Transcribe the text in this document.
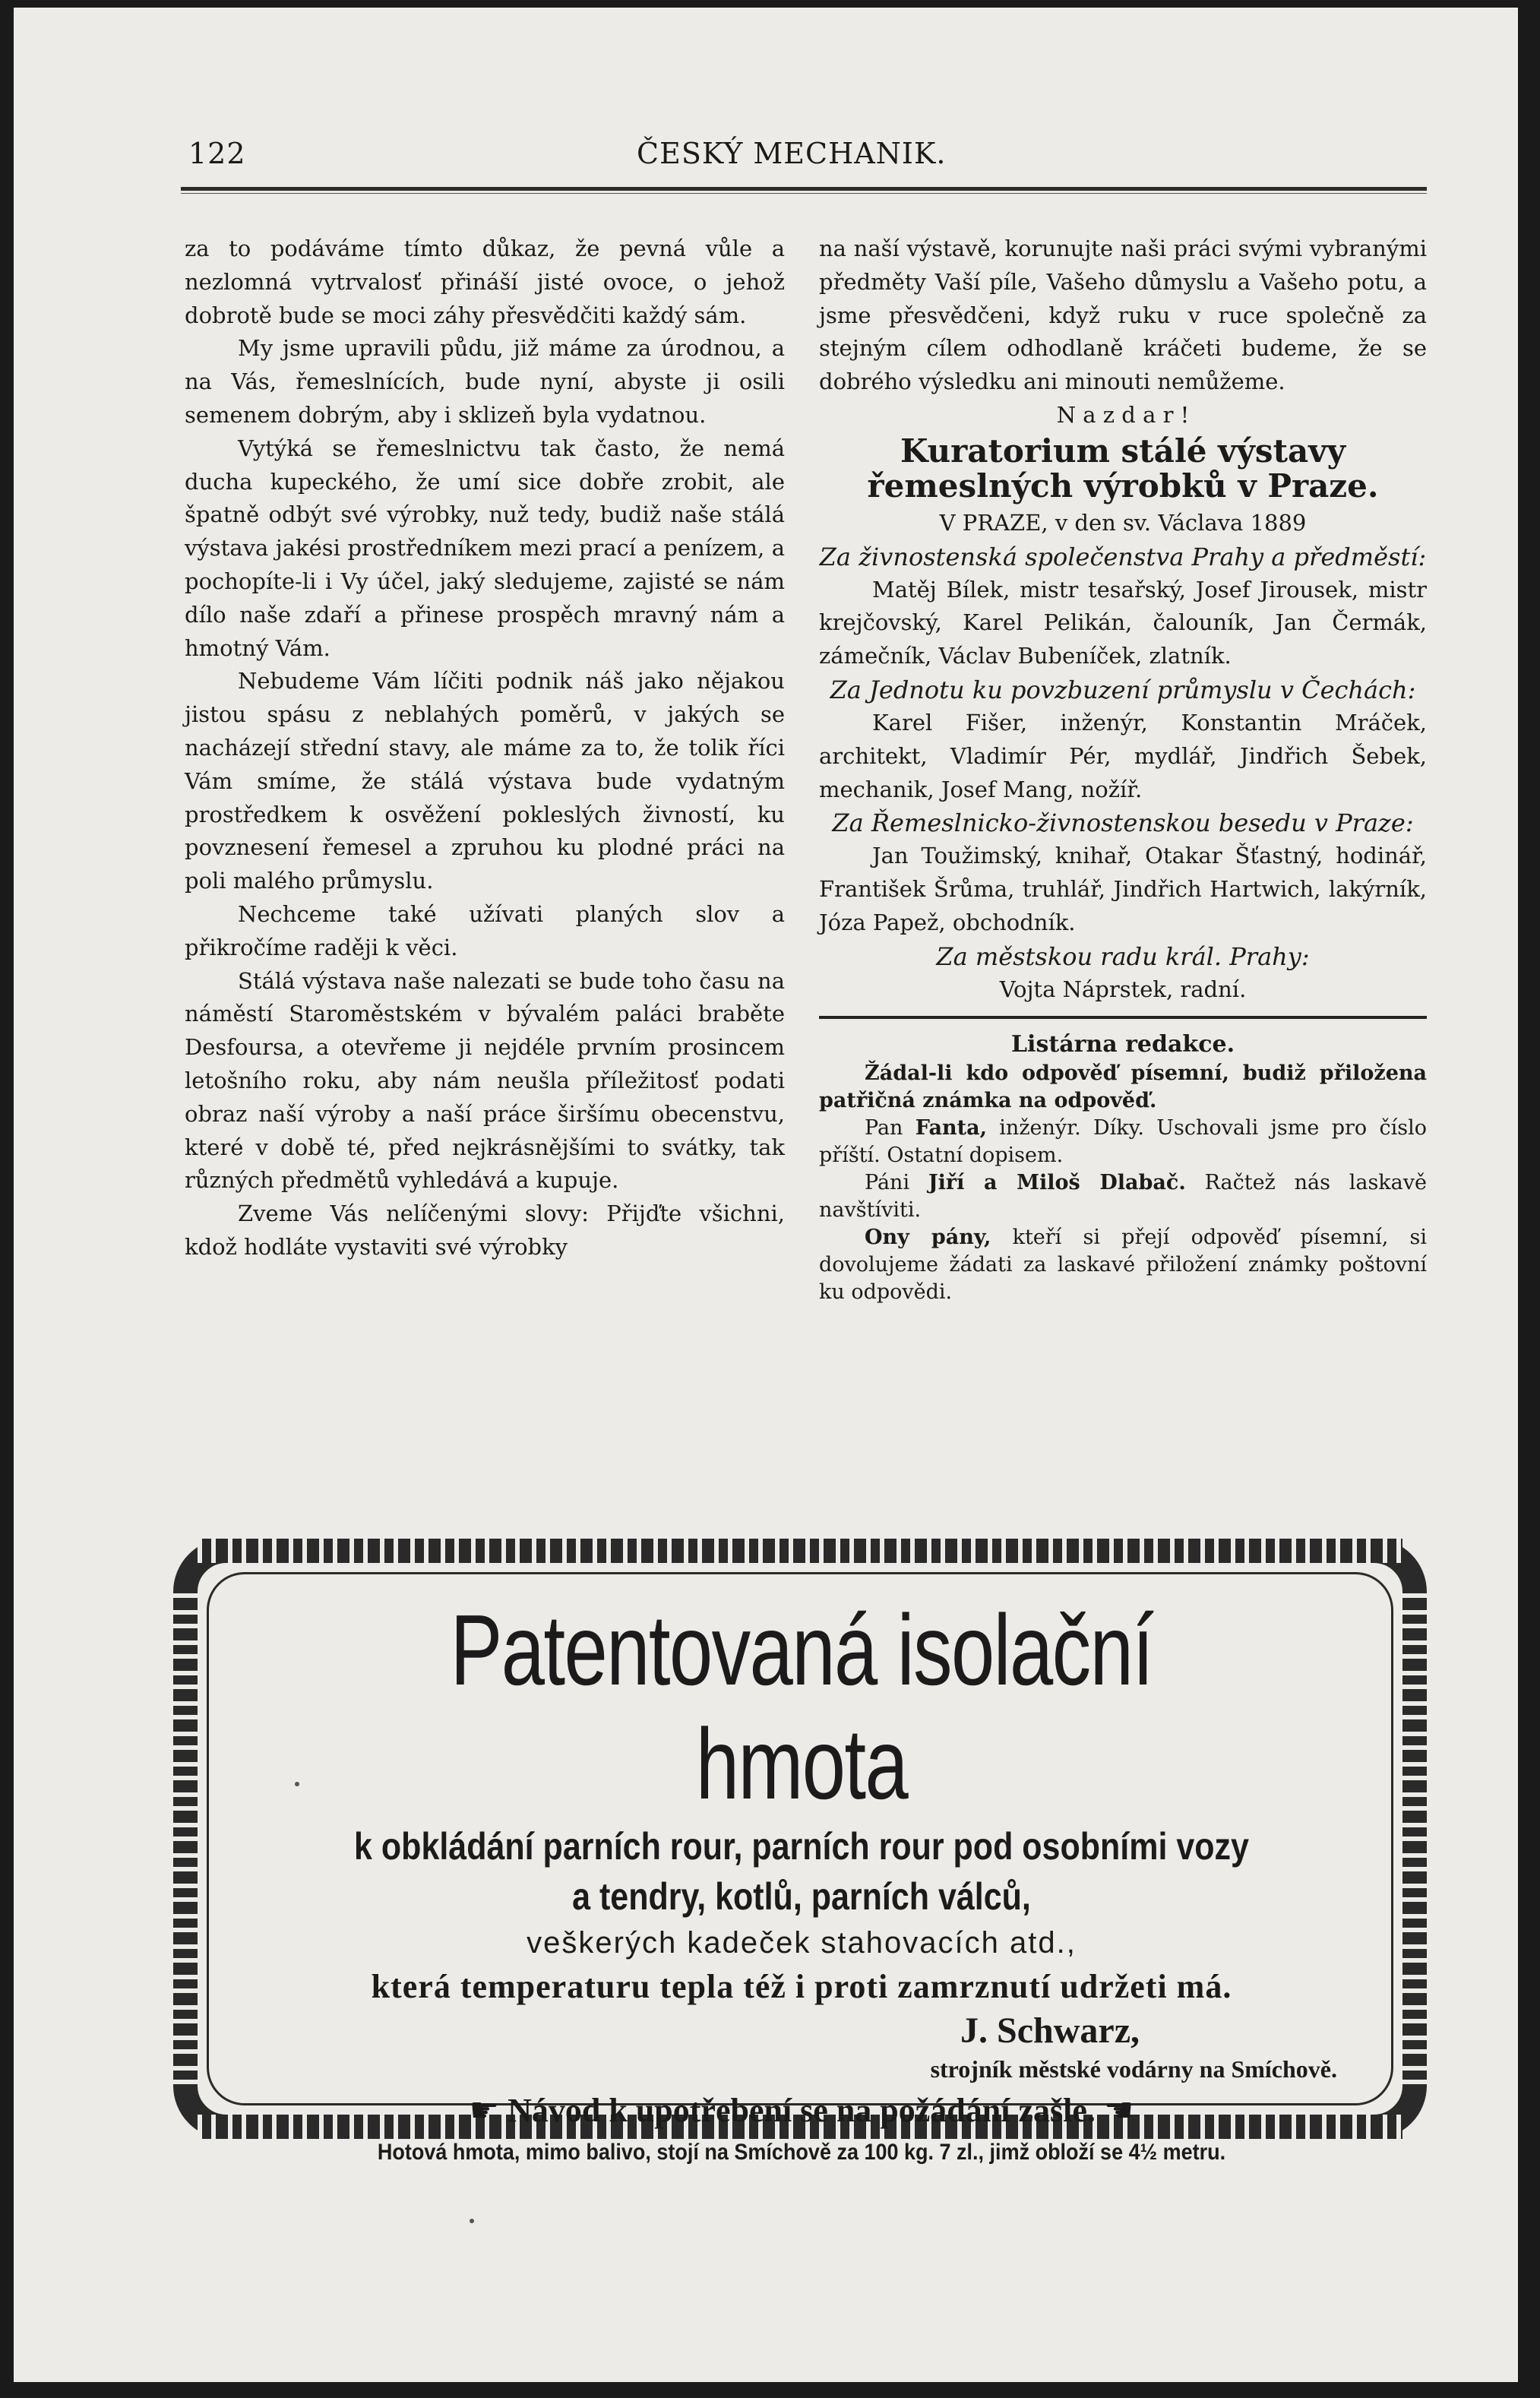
122	ČESKÝ MECHANIK.

za to podáváme tímto důkaz, že pevná vůle a nezlomná vytrvalosť přináší jisté ovoce, o jehož dobrotě bude se moci záhy přesvědčiti každý sám.

My jsme upravili půdu, již máme za úrodnou, a na Vás, řemeslnících, bude nyní, abyste ji osili semenem dobrým, aby i sklizeň byla vydatnou.

Vytýká se řemeslnictvu tak často, že nemá ducha kupeckého, že umí sice dobře zrobit, ale špatně odbýt své výrobky, nuž tedy, budiž naše stálá výstava jakési prostředníkem mezi prací a penízem, a pochopíte-li i Vy účel, jaký sledujeme, zajisté se nám dílo naše zdaří a přinese prospěch mravný nám a hmotný Vám.

Nebudeme Vám líčiti podnik náš jako nějakou jistou spásu z neblahých poměrů, v jakých se nacházejí střední stavy, ale máme za to, že tolik říci Vám smíme, že stálá výstava bude vydatným prostředkem k osvěžení pokleslých živností, ku povznesení řemesel a zpruhou ku plodné práci na poli malého průmyslu.

Nechceme také užívati planých slov a přikročíme raději k věci.

Stálá výstava naše nalezati se bude toho času na náměstí Staroměstském v bývalém paláci braběte Desfoursa, a otevřeme ji nejdéle prvním prosincem letošního roku, aby nám neušla příležitosť podati obraz naší výroby a naší práce širšímu obecenstvu, které v době té, před nejkrásnějšími to svátky, tak různých předmětů vyhledává a kupuje.

Zveme Vás nelíčenými slovy: Přijďte všichni, kdož hodláte vystaviti své výrobky

na naší výstavě, korunujte naši práci svými vybranými předměty Vaší píle, Vašeho důmyslu a Vašeho potu, a jsme přesvědčeni, když ruku v ruce společně za stejným cílem odhodlaně kráčeti budeme, že se dobrého výsledku ani minouti nemůžeme.

N a z d a r !

Kuratorium stálé výstavy řemeslných výrobků v Praze.

V PRAZE, v den sv. Václava 1889

Za živnostenská společenstva Prahy a předměstí:

Matěj Bílek, mistr tesařský, Josef Jirousek, mistr krejčovský, Karel Pelikán, čalouník, Jan Čermák, zámečník, Václav Bubeníček, zlatník.

Za Jednotu ku povzbuzení průmyslu v Čechách:

Karel Fišer, inženýr, Konstantin Mráček, architekt, Vladimír Pér, mydlář, Jindřich Šebek, mechanik, Josef Mang, nožíř.

Za Řemeslnicko-živnostenskou besedu v Praze:

Jan Toužimský, knihař, Otakar Šťastný, hodinář, František Šrůma, truhlář, Jindřich Hartwich, lakýrník, Józa Papež, obchodník.

Za městskou radu král. Prahy:

Vojta Náprstek, radní.

Listárna redakce.

Žádal-li kdo odpověď písemní, budiž přiložena patřičná známka na odpověď.

Pan Fanta, inženýr. Díky. Uschovali jsme pro číslo příští. Ostatní dopisem.

Páni Jiří a Miloš Dlabač. Račtež nás laskavě navštíviti.

Ony pány, kteří si přejí odpověď písemní, si dovolujeme žádati za laskavé přiložení známky poštovní ku odpovědi.

Patentovaná isolační hmota
k obkládání parních rour, parních rour pod osobními vozy
a tendry, kotlů, parních válců,
veškerých kadeček stahovacích atd.,
která temperaturu tepla též i proti zamrznutí udržeti má.
J. Schwarz,
strojník městské vodárny na Smíchově.
☛ Návod k upotřebení se na požádání zašle. ☚
Hotová hmota, mimo balivo, stojí na Smíchově za 100 kg. 7 zl., jimž obloží se 4½ metru.
